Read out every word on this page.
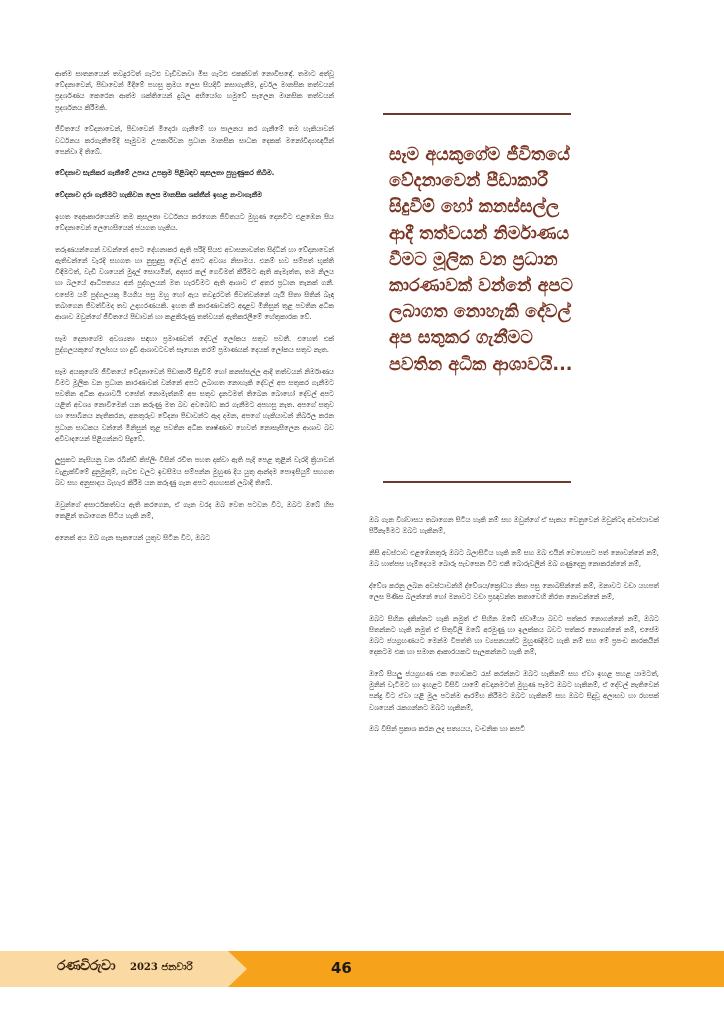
ආත්ම සාතනයෙන් තවදුරටත් ගැටළු වැඩිවනවා මිස ගැටළු එකක්වත් නොවිසඳේ. තමාට අත්වූ වේදනාවෙන්, පීඩාවෙන් මිදීමේ පහසු ක්‍රමය ලෙස සියදිවි නසාගැනීම, දුර්වල මානසික තත්වයන් ප්‍රදර්ශණය කෙරෙන ආත්ම ශක්තියෙන් දුබල අභියෝග හමුවේ සැලෙන මානසික තත්වයන් ප්‍රදර්ශනය කිරීමකි.

ජීවිතයේ වේදනාවෙන්, පීඩාවෙන් මිදෙරා ගැනීමේ හා පාලනය කර ගැනීමේ තම හැකියාවන් වර්ධනය කරගැනීමේදී සෑමුවම උපකාරිවන ප්‍රධාන මානසික සාධක දෙකක් මනෝවිද්‍යාඥයින් පෙන්වා දී තිබේ.

වේදනාව සැනිකර ගැනීමේ උපාය උපක්‍රම පිළිබඳව කුසලතා පුහුණුකර තිබීම.

වේදනාව දරා ගැනීමට හැකිවන ලෙස මානසික ශක්තීන් ඉහළ නංවාගැනීම

ඉහත දෙආකාරයෙන්ම තම කුසලතා වර්ධනය කරගෙන ජීවිතයට මුහුණ දෙනවිට එළඹෙන සිය වේදනාවෙන් ලෙහෙසියෙන් ජයගත හැකිය.

තරුණයන්ගෙන් වඩන්නේ අපට දේහනාකර ඇති පරිදි සියළු අවාසනාවන්ත සිද්ධින් හා වේදනාවෙන් ඇතිවන්නේ වැරදි සහගත හා නුසුදුසු දේවල් අපට අවශ්‍ය නිසාමය. එනම් භව සම්පත් භුක්ති විඳීමටත්, වැඩි වශයෙන් මුදල් සොයමින්, අදසර කල් ගෙවීමත් කිරීමට ඇති කැමැත්ත, තම නිලය හා බලයේ ආධිපත්‍යය අන් පුද්ගලයන් මත හැරවීමට ඇති ආශාව ඒ අතර ප්‍රධාන තැනක් ගනී. එසේම යම් පුද්ගලයකු මියගිය පසු ඔහු හෝ ඇය තවදුරටත් ජීවත්වන්නේ යැයි සිතා සිතින් බැඳ තබාගෙන ජීවත්වීමද තව උදාහරණයකි. ඉහත කී කාරණාවන්ට අදාළව මිනිසුන් තුළ පවතින අධික ආශාව ඔවුන්ගේ ජීවිතයේ පීඩාවන් හා කළකිරුණු තත්වයන් ඇතිකරලීමේ හේතුකාරක වේ.

සෑම දෙනාගේම අවශ්‍යතා සඳහා ප්‍රමාණවත් දේවල් ලෝකය සතුව පවතී. එහෙත් එක් පුද්ගලයකුගේ ලෝභය හා දුඩී ආශාවටවත් සෑහෙන තරම් ප්‍රමාණයක් දෙයක් ලෝකය සතුව නැත.

සෑම අයකුගේම ජීවිතයේ වේදනාවෙන් පීඩාකාරී සිදුවීම් හෝ කනස්සල්ල ආදී තත්වයන් නිර්මාණය වීමට මූලික වන ප්‍රධාන කාරණාවක් වන්නේ අපට ලබාගත නොහැකි දේවල් අප සතුකර ගැනීමට පවතින අධික ආශාවයි එසේත් නොමැත්නම් අප සතුව දැනටමත් තිබෙන බොහෝ දේවල් අපට යළිත් අවශ්‍ය නොවීමෙන් යන කරුණු මත බව අවබෝධ කර ගැනීමට අපහසු නැත. අපගේ සතුව හා සොබීනය නැතිකරන, අනතුරුව වේදනා පීඩාවන්ට ඇද දමන, අපගේ හැකියාවන් නිර්බල කරන ප්‍රධාන සාධකය වන්නේ මිනිසුන් තුළ පවතින අධික තෘෂ්ණාව හෙවත් නොසෑසීලෙන ආශාව බව අවිවාදයෙන් පිළිගන්නට සිදුවේ.

ලුසුකට නැසියනු වන රබින්ඩ් කිප්ලිං විසින් රචිත පහත දක්වා ඇති පැදි පෙළ තුළින් වැරදි ක්‍රියාවන් වැළැක්වීමේ දුනුමුකුම්, ගැටළු වලට ඉවසීමය සම්පන්න මුහුණ දිය යුතු ආන්දම පොඉසියුම් සහගත බව සහ අනුසාදය බැහැර කිරීම යන කරුණු ගැන අපට අඟහසක් ලබාදී තිබේ.

ඔවුන්ගේ අසාර්ථකත්වය ඇති කරගෙන, ඒ ගැන වරද ඔබ වෙත පටවන විට, ඔබට ඔබේ හිස කෙළින් තබාගෙන සිටිය හැකි නම්,

අනෙක් අය ඔබ ගැන සැකයෙන් යුතුව සිටින විට, ඔබට

සෑම අයකුගේම ජීවිතයේ වේදනාවෙන් පීඩාකාරී සිදුවීම් හෝ කනස්සල්ල ආදී තත්වයන් නිර්මාණය වීමට මූලික වන ප්‍රධාන කාරණාවක් වන්නේ අපට ලබාගත නොහැකි දේවල් අප සතුකර ගැනීමට පවතින අධික ආශාවයි...

ඔබ ගැන විශ්වාසය තබාගෙන සිටිය හැකි නම් සහ ඔවුන්ගේ ඒ සැකය වෙනුවෙන් ඔවුන්ටද අවස්ථාවක් පිරිනැමීමට ඔබට හැකිනම්,

නිසි අවස්ථාව එළඹෙනතුරු ඔබට බලාසිටිය හැකි නම් සහ ඔබ එයින් වෙහෙසට පත් නොවන්නේ නම්, ඔබ හාත්පස හැම්දෙයම බොරු පැවසෙන විට එකී බොරුවලින් ඔබ ගණුදෙනු නොකරන්නේ නම්,

ද්වේශ කරනු ලබන අවස්ථාවන්හි ද්වේශය/ක්‍රෝධය නිසා පසු නොබසින්නේ නම්, මනාවට වඩා යහපත් ලෙස පිණිස බලන්නේ හෝ මනාවට වඩා ප්‍රඥාවන්ත කතාවෙහි නිරත නොවන්නේ නම්,

ඔබට සිහින දකින්නට හැකි නමුත් ඒ සිහින ඔබේ ස්වාමියා බවට පත්කර නොගන්නේ නම්, ඔබට සිතන්නට හැකි නමුත් ඒ සිතුවිලි ඔබේ අරමුණු හා ඉලක්කය බවට පත්කර නොගන්නේ නම්, එසේම ඔබට ජයග්‍රහණයට මෙන්ම විපත්ති හා ව්‍යසනයන්ට මුහුණදීමට හැකි නම් සහ මේ ප්‍රපංච කාරකයින් දෙකටම එක හා සමාන ආකාරයකට සැලකන්නට හැකි නම්,

ඔබේ සියලු ජයග්‍රහණ එක ගොඩකට රැස් කරන්නට ඔබට හැකිනම් සහ ඒවා ඉහළ පහළ යාමටත්, මුනින් වැටීමට හා ඉහළට විසිවී යාමේ අවදානමටත් මුහුණ පෑමට ඔබට හැකිනම්, ඒ දේවල් නැතිවෙන් පන්දු විට ඒවා යළි මුල පටන්ම ආරම්භ කිරීමට ඔබට හැකිනම් සහ ඔබට සිදුවූ අලාභව හා රහසක් වශයෙන් රැකගන්නට ඔබට හැකිනම්,

ඔබ විසින් ප්‍රකාශ කරන ලද සත්‍යයය, වංචනික හා කපටි

රණවිරුවා 2023 ජනවාරි	46
